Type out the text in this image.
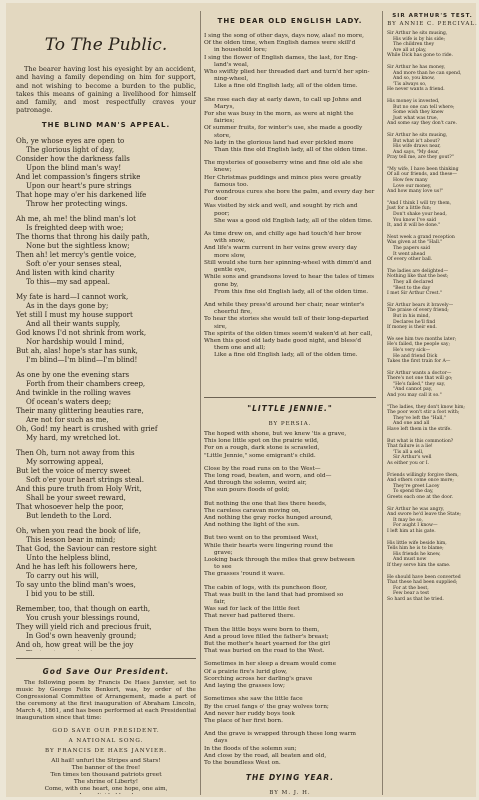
To The Public.

The bearer having lost his eyesight by an accident, and having a family depending on him for support, and not wishing to become a burden to the public, takes this means of gaining a livelihood for himself and family, and most respectfully craves your patronage.

THE BLIND MAN'S APPEAL.
Oh, ye whose eyes are open to
The glorious light of day,
Consider how the darkness falls
Upon the blind man's way!
And let compassion's fingers strike
Upon our heart's pure strings
That hope may o'er his darkened life
Throw her protecting wings.
Ah me, ah me! the blind man's lot
Is freighted deep with woe;
The thorns that throng his daily path,
None but the sightless know;
Then ah! let mercy's gentle voice,
Soft o'er your senses steal,
And listen with kind charity
To this—my sad appeal.
My fate is hard—I cannot work,
As in the days gone by;
Yet still I must my house support
And all their wants supply,
God knows I'd not shrink from work,
Nor hardship would I mind,
But ah, alas! hope's star has sunk,
I'm blind—I'm blind—I'm blind!
As one by one the evening stars
Forth from their chambers creep,
And twinkle in the rolling waves
Of ocean's waters deep;
Their many glittering beauties rare,
Are not for such as me,
Oh, God! my heart is crushed with grief
My hard, my wretched lot.
Then Oh, turn not away from this
My sorrowing appeal,
But let the voice of mercy sweet
Soft o'er your heart strings steal.
And this pure truth from Holy Writ,
Shall be your sweet reward,
That whosoever help the poor,
But lendeth to the Lord.
Oh, when you read the book of life,
This lesson bear in mind;
That God, the Saviour can restore sight
Unto the helpless blind,
And he has left his followers here,
To carry out his will,
To say unto the blind man's woes,
I bid you to be still.
Remember, too, that though on earth,
You crush your blessings round,
They will yield rich and precious fruit,
In God's own heavenly ground;
And oh, how great will be the joy
God Save Our President.

The following poem by Francis De Haes Janvier, set to music by George Felix Benkert, was, by order of the Congressional Committee of Arrangement, made a part of the ceremony at the first inauguration of Abraham Lincoln, March 4, 1861, and has been performed at each Presidential inauguration since that time:

GOD SAVE OUR PRESIDENT.
A NATIONAL SONG.
BY FRANCIS DE HAES JANVIER.
All hail! unfurl the Stripes and Stars!
The banner of the free!
Ten times ten thousand patriots greet
The shrine of Liberty!
Come, with one heart, one hope, one aim,
THE DEAR OLD ENGLISH LADY.
I sing the song of other days, days now, alas! no more,
Of the olden time, when English dames were skill'd
in household lore;
I sing the flower of English dames, the last, for Eng-
land's weal,
Who swiftly plied her threaded dart and turn'd her spin-
ning-wheel,
Like a fine old English lady, all of the olden time.
She rose each day at early dawn, to call up Johns and
Marys,
For she was busy in the morn, as were at night the
fairies;
Of summer fruits, for winter's use, she made a goodly
store,
No lady in the glorious land had ever pickled more
Than this fine old English lady, all of the olden time.
The mysteries of gooseberry wine and fine old ale she
knew;
Her Christmas puddings and mince pies were greatly
famous too.
For wondrous cures she bore the palm, and every day her
door
Was visited by sick and well, and sought by rich and
poor;
She was a good old English lady, all of the olden time.
As time drew on, and chilly age had touch'd her brow
with snow,
And life's warm current in her veins grew every day
more slow,
Still would she turn her spinning-wheel with dimm'd and
gentle eye,
While sons and grandsons loved to hear the tales of times
gone by,
From this fine old English lady, all of the olden time.
And while they press'd around her chair, near winter's
cheerful fire,
To hear the stories she would tell of their long-departed
sire,
The spirits of the olden times seem'd waken'd at her call,
When this good old lady bade good night, and bless'd
them one and all;
Like a fine old English lady, all of the olden time.
"LITTLE JENNIE."
BY PERSIA.
The hoped with shone, but we knew 'tis a grave,
This lone little spot on the prairie wild,
For on a rough, dark stone is scrawled,
"Little Jennie," some emigrant's child.
Close by the road runs on to the West—
The long road, beaten, and worn, and old—
And through the solemn, weird air,
The sun pours floods of gold;
But nothing the one that lies there heeds,
The careless caravan moving on,
And nothing the gray rocks hunged around,
And nothing the light of the sun.
But two went on to the promised West,
While their hearts were lingering round the
grave;
Looking back through the miles that grew between
to see
The grasses 'round it wave.
The cabin of logs, with its puncheon floor,
That was built in the land that had promised so
fair,
Was sad for lack of the little feet
That never had pattered there.
Then the little boys were born to them,
And a proud love filled the father's breast;
But the mother's heart yearned for the girl
That was buried on the road to the West.
Sometimes in her sleep a dream would come
Of a prairie fire's lurid glow,
Scorching across her darling's grave
And laying the grasses low;
Sometimes she saw the little face
By the cruel fangs o' the gray wolves torn;
And never her ruddy boys took
The place of her first born.
And the grave is wrapped through these long warm
days
In the floods of the solemn sun;
And close by the road, all beaten and old,
To the boundless West on.
THE DYING YEAR.
BY M. J. H.
SIR ARTHUR'S TEST.
BY ANNIE C. PERCIVAL.
Sir Arthur he sits musing,
His wife is by his side;
The children they
Are all at play,
While Dick has gone to ride.
Sir Arthur he has money,
And more than he can spend,
And so, you know,
'Tis always so,
He never wants a friend.
His money is invested,
But no one can tell where;
Some wish they knew
Just what was true,
And some say they don't care.
Sir Arthur he sits musing,
But what is't about?
His wife draws near,
And says, "My dear,
Pray tell me, are they gout?"
"My wife, I have been thinking
Of all our friends, and these—
How few many
Love our money,
And how many love us!"
"And I think I will try them,
Just for a little fun;
Don't shake your head,
You know I've said
It, and it will be done."
Next week a grand reception
Was given at the "Hall."
The papers said
It went ahead
Of every other ball.
The ladies are delighted—
Nothing like that the best;
They all declared
"Best to the day
I met Sir Arthur Crest."
Sir Arthur bears it bravely—
The praise of every friend;
But in his mind,
Declares he'll find
If money is their end.
We see him two months later;
He's failed, the people say;
He's very sick—
He and friend Dick
Takes the first train for A—
Sir Arthur wants a doctor—
There's not one that will go;
"He's failed," they say,
"And cannot pay,
And you may call it so."
"The ladies, they don't know him;
The poor won't stir a foot with;
They've left the "Hall,"
And one and all
Have left them in the strife.
But what is this commotion?
That failure is a lie!
'Tis all a sell,
Sir Arthur's well
As either you or I.
Friends willingly forgive them,
And others come once more;
They're greet Lacey
To spend the day,
Greets each one at the door.
Sir Arthur he was angry,
And swore he'd leave the State;
It may be so,
For aught I know—
I left him at his gate.
His little wife beside him,
Tells him he is to blame;
His friends he knew,
And must now
If they serve him the same.
He should have been converted
That these had been supplied;
For at the best,
Few bear a test
So hard as that he tried.
